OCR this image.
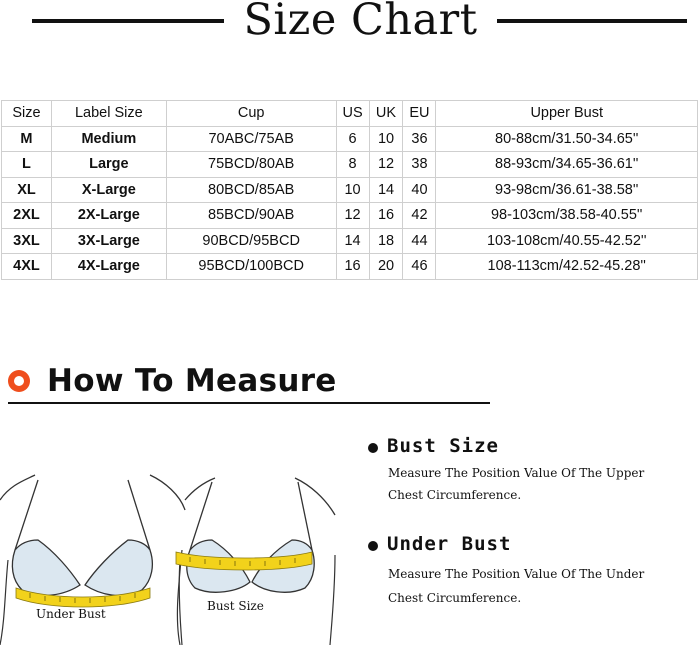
Size Chart
Size	Label Size	Cup	US	UK	EU	Upper Bust
M	Medium	70ABC/75AB	6	10	36	80-88cm/31.50-34.65''
L	Large	75BCD/80AB	8	12	38	88-93cm/34.65-36.61''
XL	X-Large	80BCD/85AB	10	14	40	93-98cm/36.61-38.58''
2XL	2X-Large	85BCD/90AB	12	16	42	98-103cm/38.58-40.55''
3XL	3X-Large	90BCD/95BCD	14	18	44	103-108cm/40.55-42.52''
4XL	4X-Large	95BCD/100BCD	16	20	46	108-113cm/42.52-45.28''
How To Measure
Bust Size
Measure The Position Value Of The Upper
Chest Circumference.
Under Bust
Measure The Position Value Of The Under
Chest Circumference.
Under Bust
Bust Size
